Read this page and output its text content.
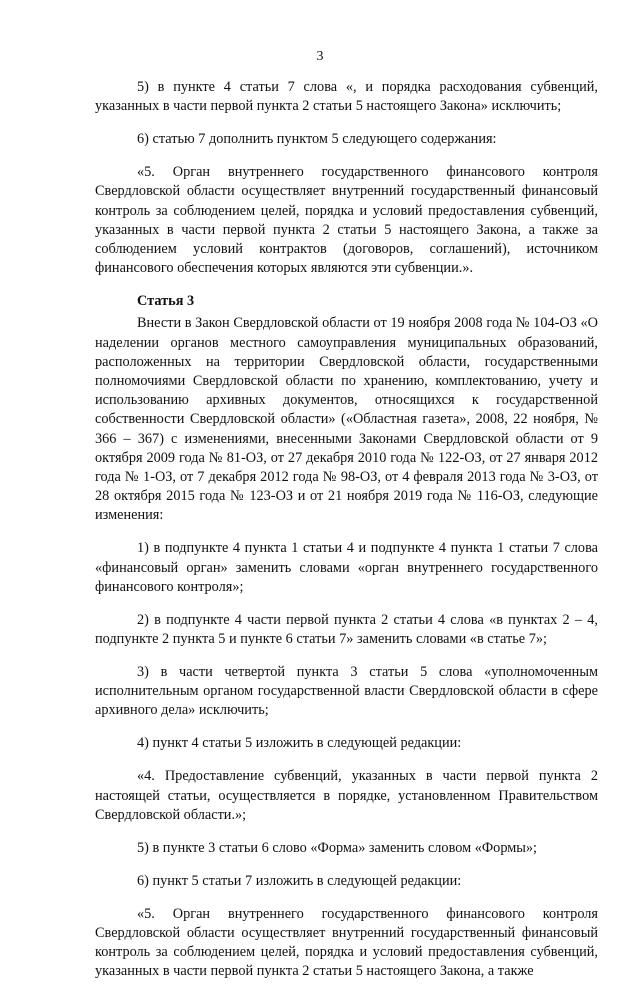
3

5) в пункте 4 статьи 7 слова «, и порядка расходования субвенций, указанных в части первой пункта 2 статьи 5 настоящего Закона» исключить;

6) статью 7 дополнить пунктом 5 следующего содержания:

«5. Орган внутреннего государственного финансового контроля Свердловской области осуществляет внутренний государственный финансовый контроль за соблюдением целей, порядка и условий предоставления субвенций, указанных в части первой пункта 2 статьи 5 настоящего Закона, а также за соблюдением условий контрактов (договоров, соглашений), источником финансового обеспечения которых являются эти субвенции.».

Статья 3

Внести в Закон Свердловской области от 19 ноября 2008 года № 104-ОЗ «О наделении органов местного самоуправления муниципальных образований, расположенных на территории Свердловской области, государственными полномочиями Свердловской области по хранению, комплектованию, учету и использованию архивных документов, относящихся к государственной собственности Свердловской области» («Областная газета», 2008, 22 ноября, № 366 – 367) с изменениями, внесенными Законами Свердловской области от 9 октября 2009 года № 81-ОЗ, от 27 декабря 2010 года № 122-ОЗ, от 27 января 2012 года № 1-ОЗ, от 7 декабря 2012 года № 98-ОЗ, от 4 февраля 2013 года № 3-ОЗ, от 28 октября 2015 года № 123-ОЗ и от 21 ноября 2019 года № 116-ОЗ, следующие изменения:

1) в подпункте 4 пункта 1 статьи 4 и подпункте 4 пункта 1 статьи 7 слова «финансовый орган» заменить словами «орган внутреннего государственного финансового контроля»;

2) в подпункте 4 части первой пункта 2 статьи 4 слова «в пунктах 2 – 4, подпункте 2 пункта 5 и пункте 6 статьи 7» заменить словами «в статье 7»;

3) в части четвертой пункта 3 статьи 5 слова «уполномоченным исполнительным органом государственной власти Свердловской области в сфере архивного дела» исключить;

4) пункт 4 статьи 5 изложить в следующей редакции:

«4. Предоставление субвенций, указанных в части первой пункта 2 настоящей статьи, осуществляется в порядке, установленном Правительством Свердловской области.»;

5) в пункте 3 статьи 6 слово «Форма» заменить словом «Формы»;

6) пункт 5 статьи 7 изложить в следующей редакции:

«5. Орган внутреннего государственного финансового контроля Свердловской области осуществляет внутренний государственный финансовый контроль за соблюдением целей, порядка и условий предоставления субвенций, указанных в части первой пункта 2 статьи 5 настоящего Закона, а также
